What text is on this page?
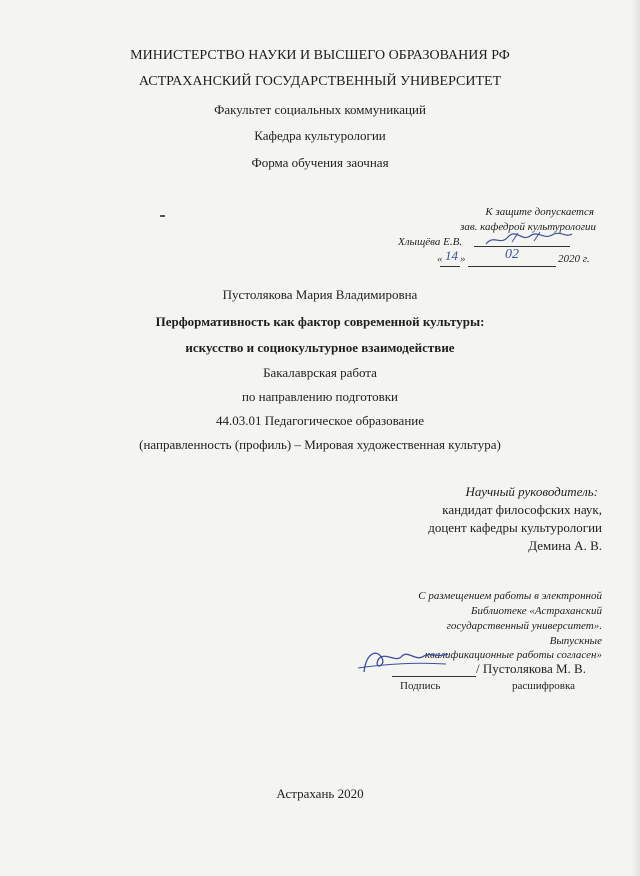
МИНИСТЕРСТВО НАУКИ И ВЫСШЕГО ОБРАЗОВАНИЯ РФ
АСТРАХАНСКИЙ ГОСУДАРСТВЕННЫЙ УНИВЕРСИТЕТ
Факультет социальных коммуникаций
Кафедра культурологии
Форма обучения заочная
К защите допускается
зав. кафедрой культурологии
Хлыщёва Е.В.
« 14 »	02	2020 г.
Пустолякова Мария Владимировна
Перформативность как фактор современной культуры:
искусство и социокультурное взаимодействие
Бакалаврская работа
по направлению подготовки
44.03.01 Педагогическое образование
(направленность (профиль) – Мировая художественная культура)
Научный руководитель:
кандидат философских наук,
доцент кафедры культурологии
Демина А. В.
С размещением работы в электронной
Библиотеке «Астраханский
государственный университет».
Выпускные
квалификационные работы согласен»
/ Пустолякова М. В.
Подпись	расшифровка
Астрахань 2020
